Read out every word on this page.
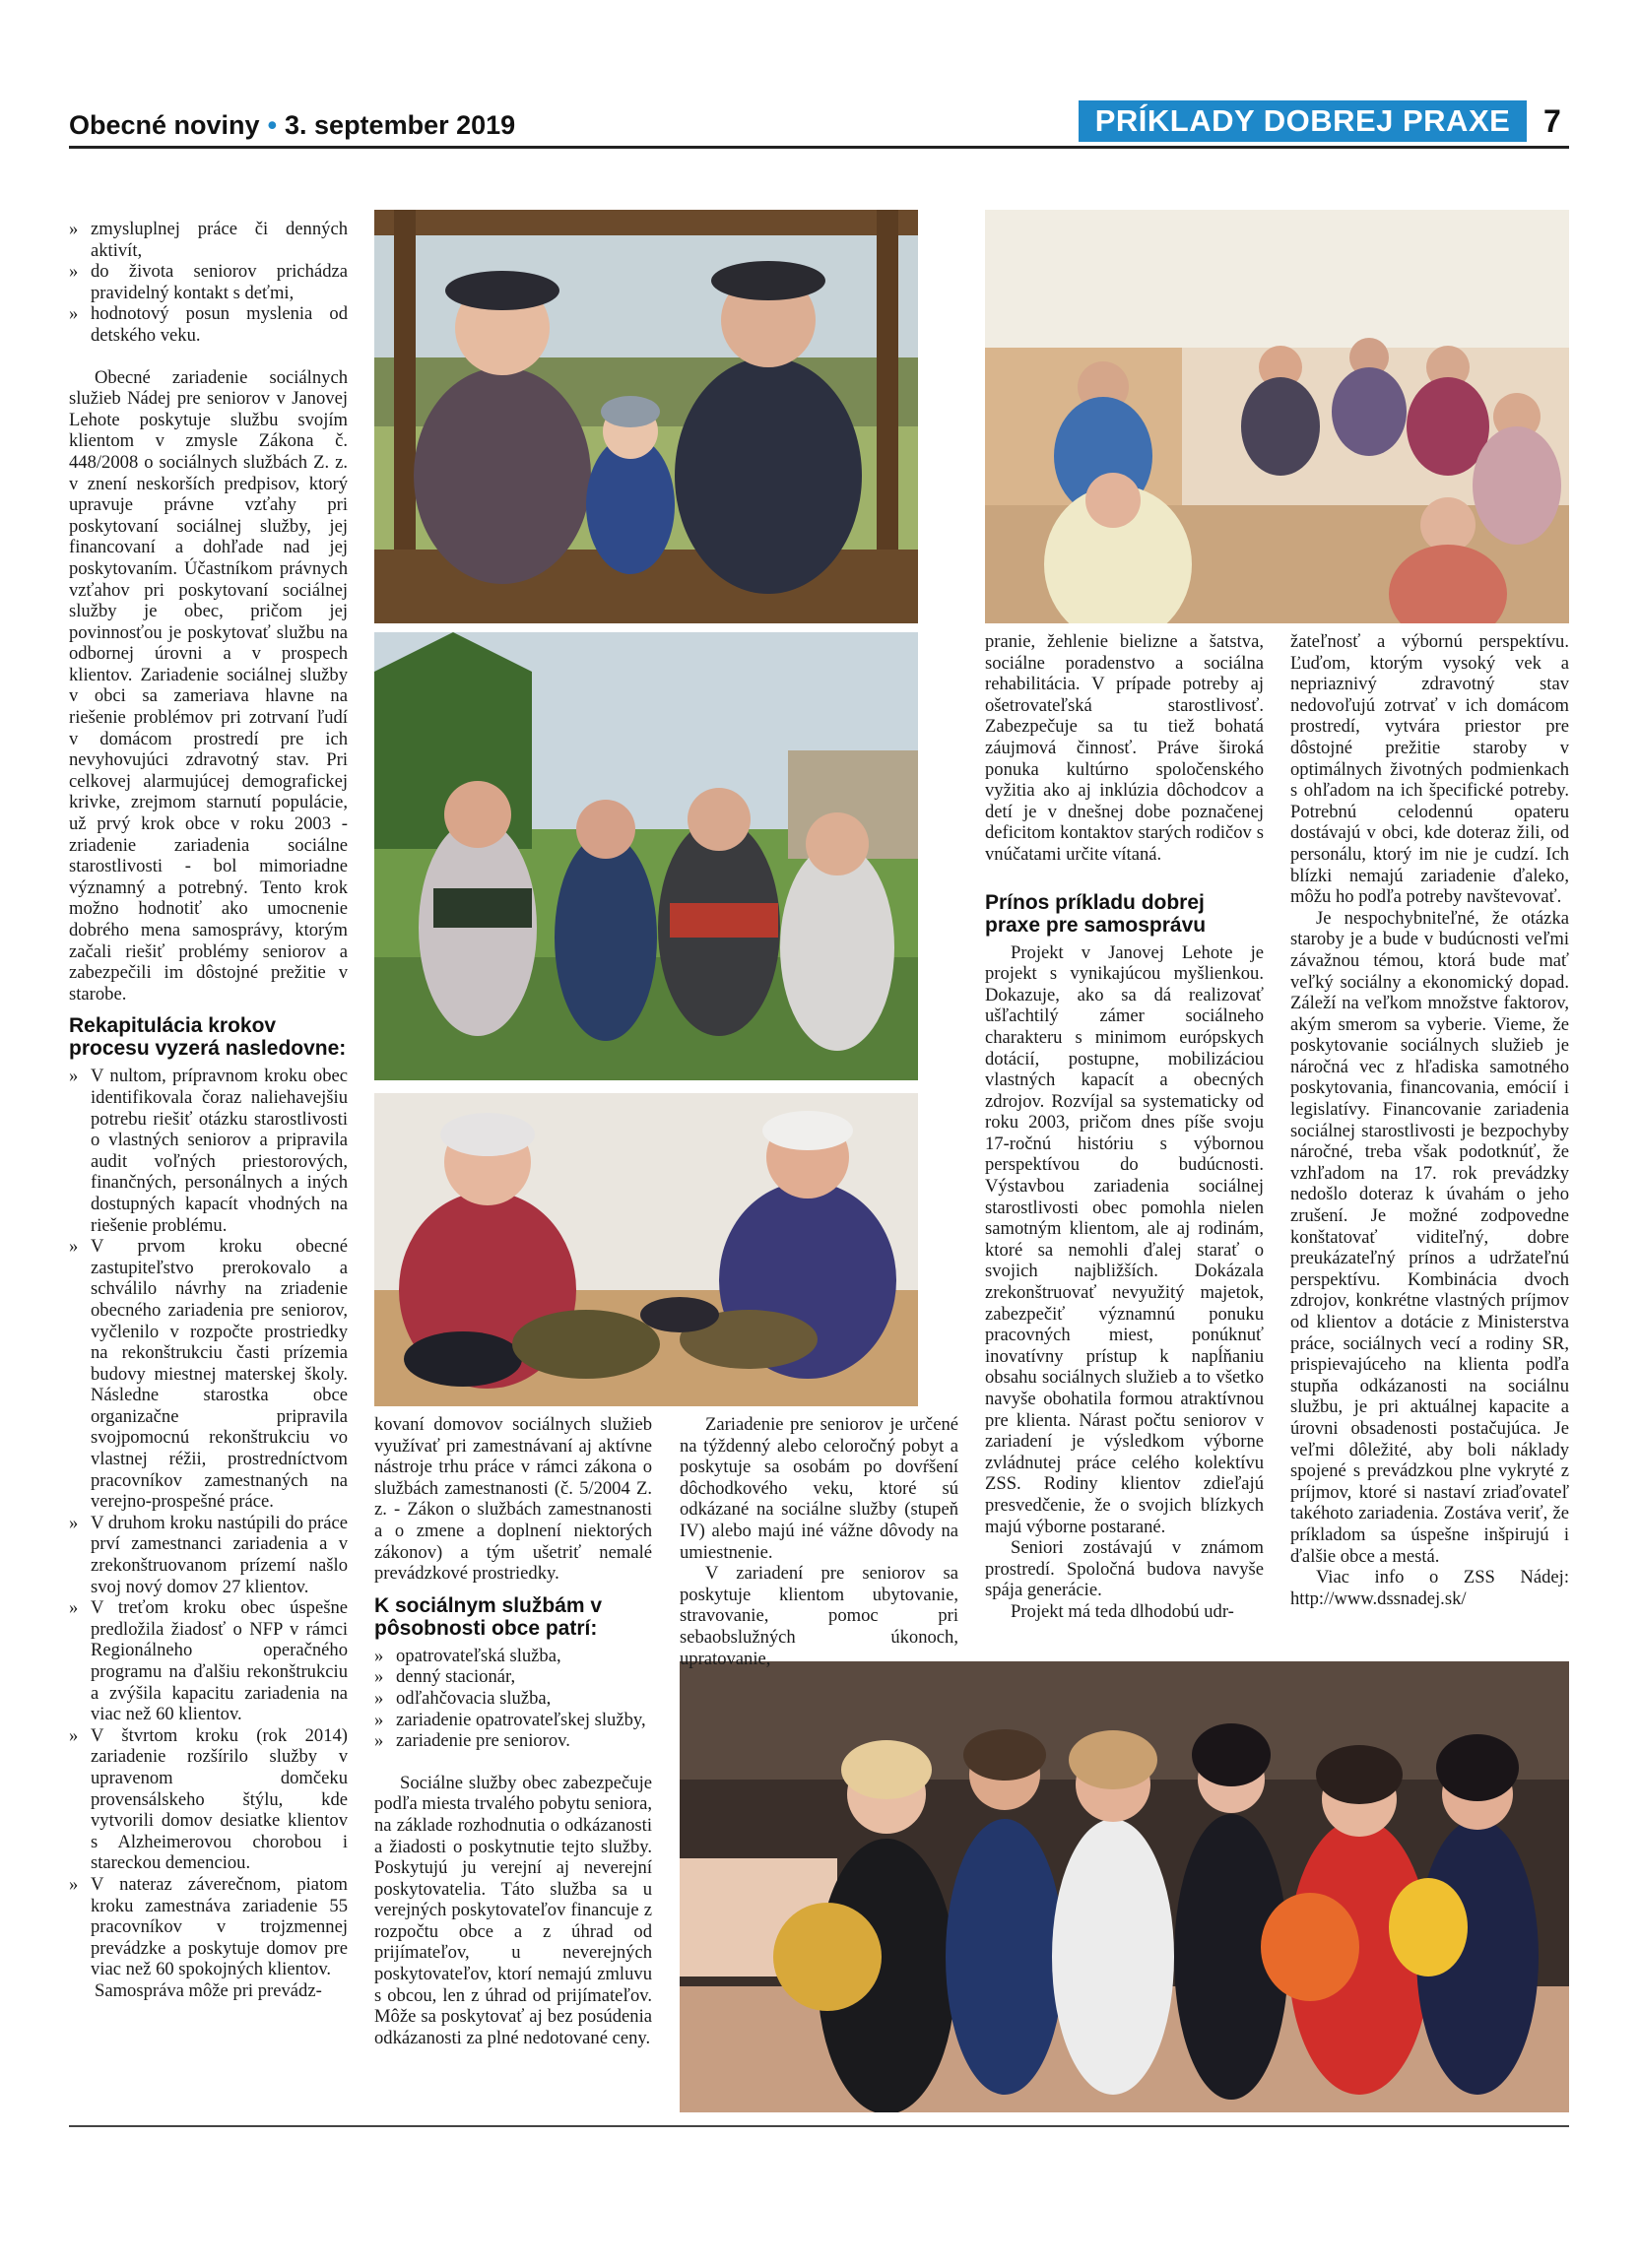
Obecné noviny • 3. september 2019	PRÍKLADY DOBREJ PRAXE	7
» zmysluplnej práce či denných aktivít,
» do života seniorov prichádza pravidelný kontakt s deťmi,
» hodnotový posun myslenia od detského veku.

Obecné zariadenie sociálnych služieb Nádej pre seniorov v Janovej Lehote poskytuje službu svojím klientom v zmysle Zákona č. 448/2008 o sociálnych službách Z. z. v znení neskorších predpisov, ktorý upravuje právne vzťahy pri poskytovaní sociálnej služby, jej financovaní a dohľade nad jej poskytovaním. Účastníkom právnych vzťahov pri poskytovaní sociálnej služby je obec, pričom jej povinnosťou je poskytovať službu na odbornej úrovni a v prospech klientov. Zariadenie sociálnej služby v obci sa zameriava hlavne na riešenie problémov pri zotrvaní ľudí v domácom prostredí pre ich nevyhovujúci zdravotný stav. Pri celkovej alarmujúcej demografickej krivke, zrejmom starnutí populácie, už prvý krok obce v roku 2003 - zriadenie zariadenia sociálne starostlivosti - bol mimoriadne významný a potrebný. Tento krok možno hodnotiť ako umocnenie dobrého mena samosprávy, ktorým začali riešiť problémy seniorov a zabezpečili im dôstojné prežitie v starobe.

Rekapitulácia krokov procesu vyzerá nasledovne:
» V nultom, prípravnom kroku obec identifikovala čoraz naliehavejšiu potrebu riešiť otázku starostlivosti o vlastných seniorov a pripravila audit voľných priestorových, finančných, personálnych a iných dostupných kapacít vhodných na riešenie problému.
» V prvom kroku obecné zastupiteľstvo prerokovalo a schválilo návrhy na zriadenie obecného zariadenia pre seniorov, vyčlenilo v rozpočte prostriedky na rekonštrukciu časti prízemia budovy miestnej materskej školy. Následne starostka obce organizačne pripravila svojpomocnú rekonštrukciu vo vlastnej réžii, prostredníctvom pracovníkov zamestnaných na verejno-prospešné práce.
» V druhom kroku nastúpili do práce prví zamestnanci zariadenia a v zrekonštruovanom prízemí našlo svoj nový domov 27 klientov.
» V treťom kroku obec úspešne predložila žiadosť o NFP v rámci Regionálneho operačného programu na ďalšiu rekonštrukciu a zvýšila kapacitu zariadenia na viac než 60 klientov.
» V štvrtom kroku (rok 2014) zariadenie rozšírilo služby v upravenom domčeku provensálskeho štýlu, kde vytvorili domov desiatke klientov s Alzheimerovou chorobou i stareckou demenciou.
» V nateraz záverečnom, piatom kroku zamestnáva zariadenie 55 pracovníkov v trojzmennej prevádzke a poskytuje domov pre viac než 60 spokojných klientov.

Samospráva môže pri prevádz-

kovaní domovov sociálnych služieb využívať pri zamestnávaní aj aktívne nástroje trhu práce v rámci zákona o službách zamestnanosti (č. 5/2004 Z. z. - Zákon o službách zamestnanosti a o zmene a doplnení niektorých zákonov) a tým ušetriť nemalé prevádzkové prostriedky.

K sociálnym službám v pôsobnosti obce patrí:
» opatrovateľská služba,
» denný stacionár,
» odľahčovacia služba,
» zariadenie opatrovateľskej služby,
» zariadenie pre seniorov.

Sociálne služby obec zabezpečuje podľa miesta trvalého pobytu seniora, na základe rozhodnutia o odkázanosti a žiadosti o poskytnutie tejto služby. Poskytujú ju verejní aj neverejní poskytovatelia. Táto služba sa u verejných poskytovateľov financuje z rozpočtu obce a z úhrad od prijímateľov, u neverejných poskytovateľov, ktorí nemajú zmluvu s obcou, len z úhrad od prijímateľov. Môže sa poskytovať aj bez posúdenia odkázanosti za plné nedotované ceny.

Zariadenie pre seniorov je určené na týždenný alebo celoročný pobyt a poskytuje sa osobám po dovŕšení dôchodkového veku, ktoré sú odkázané na sociálne služby (stupeň IV) alebo majú iné vážne dôvody na umiestnenie.

V zariadení pre seniorov sa poskytuje klientom ubytovanie, stravovanie, pomoc pri sebaobslužných úkonoch, upratovanie,

pranie, žehlenie bielizne a šatstva, sociálne poradenstvo a sociálna rehabilitácia. V prípade potreby aj ošetrovateľská starostlivosť. Zabezpečuje sa tu tiež bohatá záujmová činnosť. Práve široká ponuka kultúrno spoločenského vyžitia ako aj inklúzia dôchodcov a detí je v dnešnej dobe poznačenej deficitom kontaktov starých rodičov s vnúčatami určite vítaná.

Prínos príkladu dobrej praxe pre samosprávu

Projekt v Janovej Lehote je projekt s vynikajúcou myšlienkou. Dokazuje, ako sa dá realizovať ušľachtilý zámer sociálneho charakteru s minimom európskych dotácií, postupne, mobilizáciou vlastných kapacít a obecných zdrojov. Rozvíjal sa systematicky od roku 2003, pričom dnes píše svoju 17-ročnú históriu s výbornou perspektívou do budúcnosti. Výstavbou zariadenia sociálnej starostlivosti obec pomohla nielen samotným klientom, ale aj rodinám, ktoré sa nemohli ďalej starať o svojich najbližších. Dokázala zrekonštruovať nevyužitý majetok, zabezpečiť významnú ponuku pracovných miest, ponúknuť inovatívny prístup k napĺňaniu obsahu sociálnych služieb a to všetko navyše obohatila formou atraktívnou pre klienta. Nárast počtu seniorov v zariadení je výsledkom výborne zvládnutej práce celého kolektívu ZSS. Rodiny klientov zdieľajú presvedčenie, že o svojich blízkych majú výborne postarané.

Seniori zostávajú v známom prostredí. Spoločná budova navyše spája generácie.

Projekt má teda dlhodobú udr-

žateľnosť a výbornú perspektívu. Ľuďom, ktorým vysoký vek a nepriaznivý zdravotný stav nedovoľujú zotrvať v ich domácom prostredí, vytvára priestor pre dôstojné prežitie staroby v optimálnych životných podmienkach s ohľadom na ich špecifické potreby. Potrebnú celodennú opateru dostávajú v obci, kde doteraz žili, od personálu, ktorý im nie je cudzí. Ich blízki nemajú zariadenie ďaleko, môžu ho podľa potreby navštevovať.

Je nespochybniteľné, že otázka staroby je a bude v budúcnosti veľmi závažnou témou, ktorá bude mať veľký sociálny a ekonomický dopad. Záleží na veľkom množstve faktorov, akým smerom sa vyberie. Vieme, že poskytovanie sociálnych služieb je náročná vec z hľadiska samotného poskytovania, financovania, emócií i legislatívy. Financovanie zariadenia sociálnej starostlivosti je bezpochyby náročné, treba však podotknúť, že vzhľadom na 17. rok prevádzky nedošlo doteraz k úvahám o jeho zrušení. Je možné zodpovedne konštatovať viditeľný, dobre preukázateľný prínos a udržateľnú perspektívu. Kombinácia dvoch zdrojov, konkrétne vlastných príjmov od klientov a dotácie z Ministerstva práce, sociálnych vecí a rodiny SR, prispievajúceho na klienta podľa stupňa odkázanosti na sociálnu službu, je pri aktuálnej kapacite a úrovni obsadenosti postačujúca. Je veľmi dôležité, aby boli náklady spojené s prevádzkou plne vykryté z príjmov, ktoré si nastaví zriaďovateľ takéhoto zariadenia. Zostáva veriť, že príkladom sa úspešne inšpirujú i ďalšie obce a mestá.

Viac info o ZSS Nádej: http://www.dssnadej.sk/
